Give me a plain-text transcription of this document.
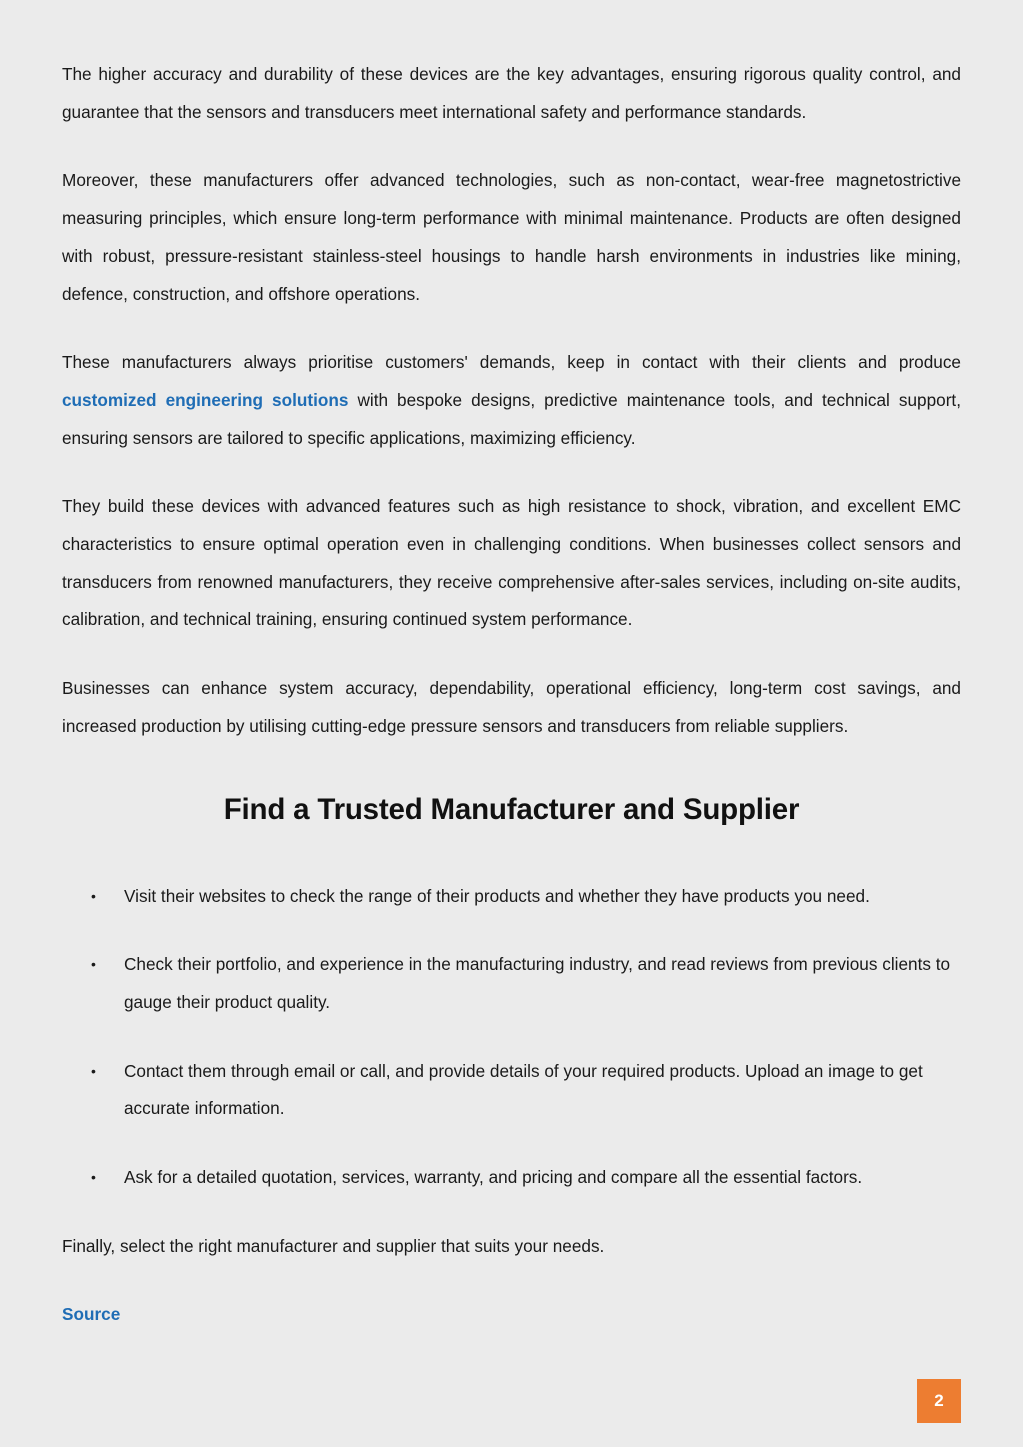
The higher accuracy and durability of these devices are the key advantages, ensuring rigorous quality control, and guarantee that the sensors and transducers meet international safety and performance standards.

Moreover, these manufacturers offer advanced technologies, such as non-contact, wear-free magnetostrictive measuring principles, which ensure long-term performance with minimal maintenance. Products are often designed with robust, pressure-resistant stainless-steel housings to handle harsh environments in industries like mining, defence, construction, and offshore operations.

These manufacturers always prioritise customers' demands, keep in contact with their clients and produce customized engineering solutions with bespoke designs, predictive maintenance tools, and technical support, ensuring sensors are tailored to specific applications, maximizing efficiency.

They build these devices with advanced features such as high resistance to shock, vibration, and excellent EMC characteristics to ensure optimal operation even in challenging conditions. When businesses collect sensors and transducers from renowned manufacturers, they receive comprehensive after-sales services, including on-site audits, calibration, and technical training, ensuring continued system performance.

Businesses can enhance system accuracy, dependability, operational efficiency, long-term cost savings, and increased production by utilising cutting-edge pressure sensors and transducers from reliable suppliers.

Find a Trusted Manufacturer and Supplier
• Visit their websites to check the range of their products and whether they have products you need.
• Check their portfolio, and experience in the manufacturing industry, and read reviews from previous clients to gauge their product quality.
• Contact them through email or call, and provide details of your required products. Upload an image to get accurate information.
• Ask for a detailed quotation, services, warranty, and pricing and compare all the essential factors.

Finally, select the right manufacturer and supplier that suits your needs.

Source
2
